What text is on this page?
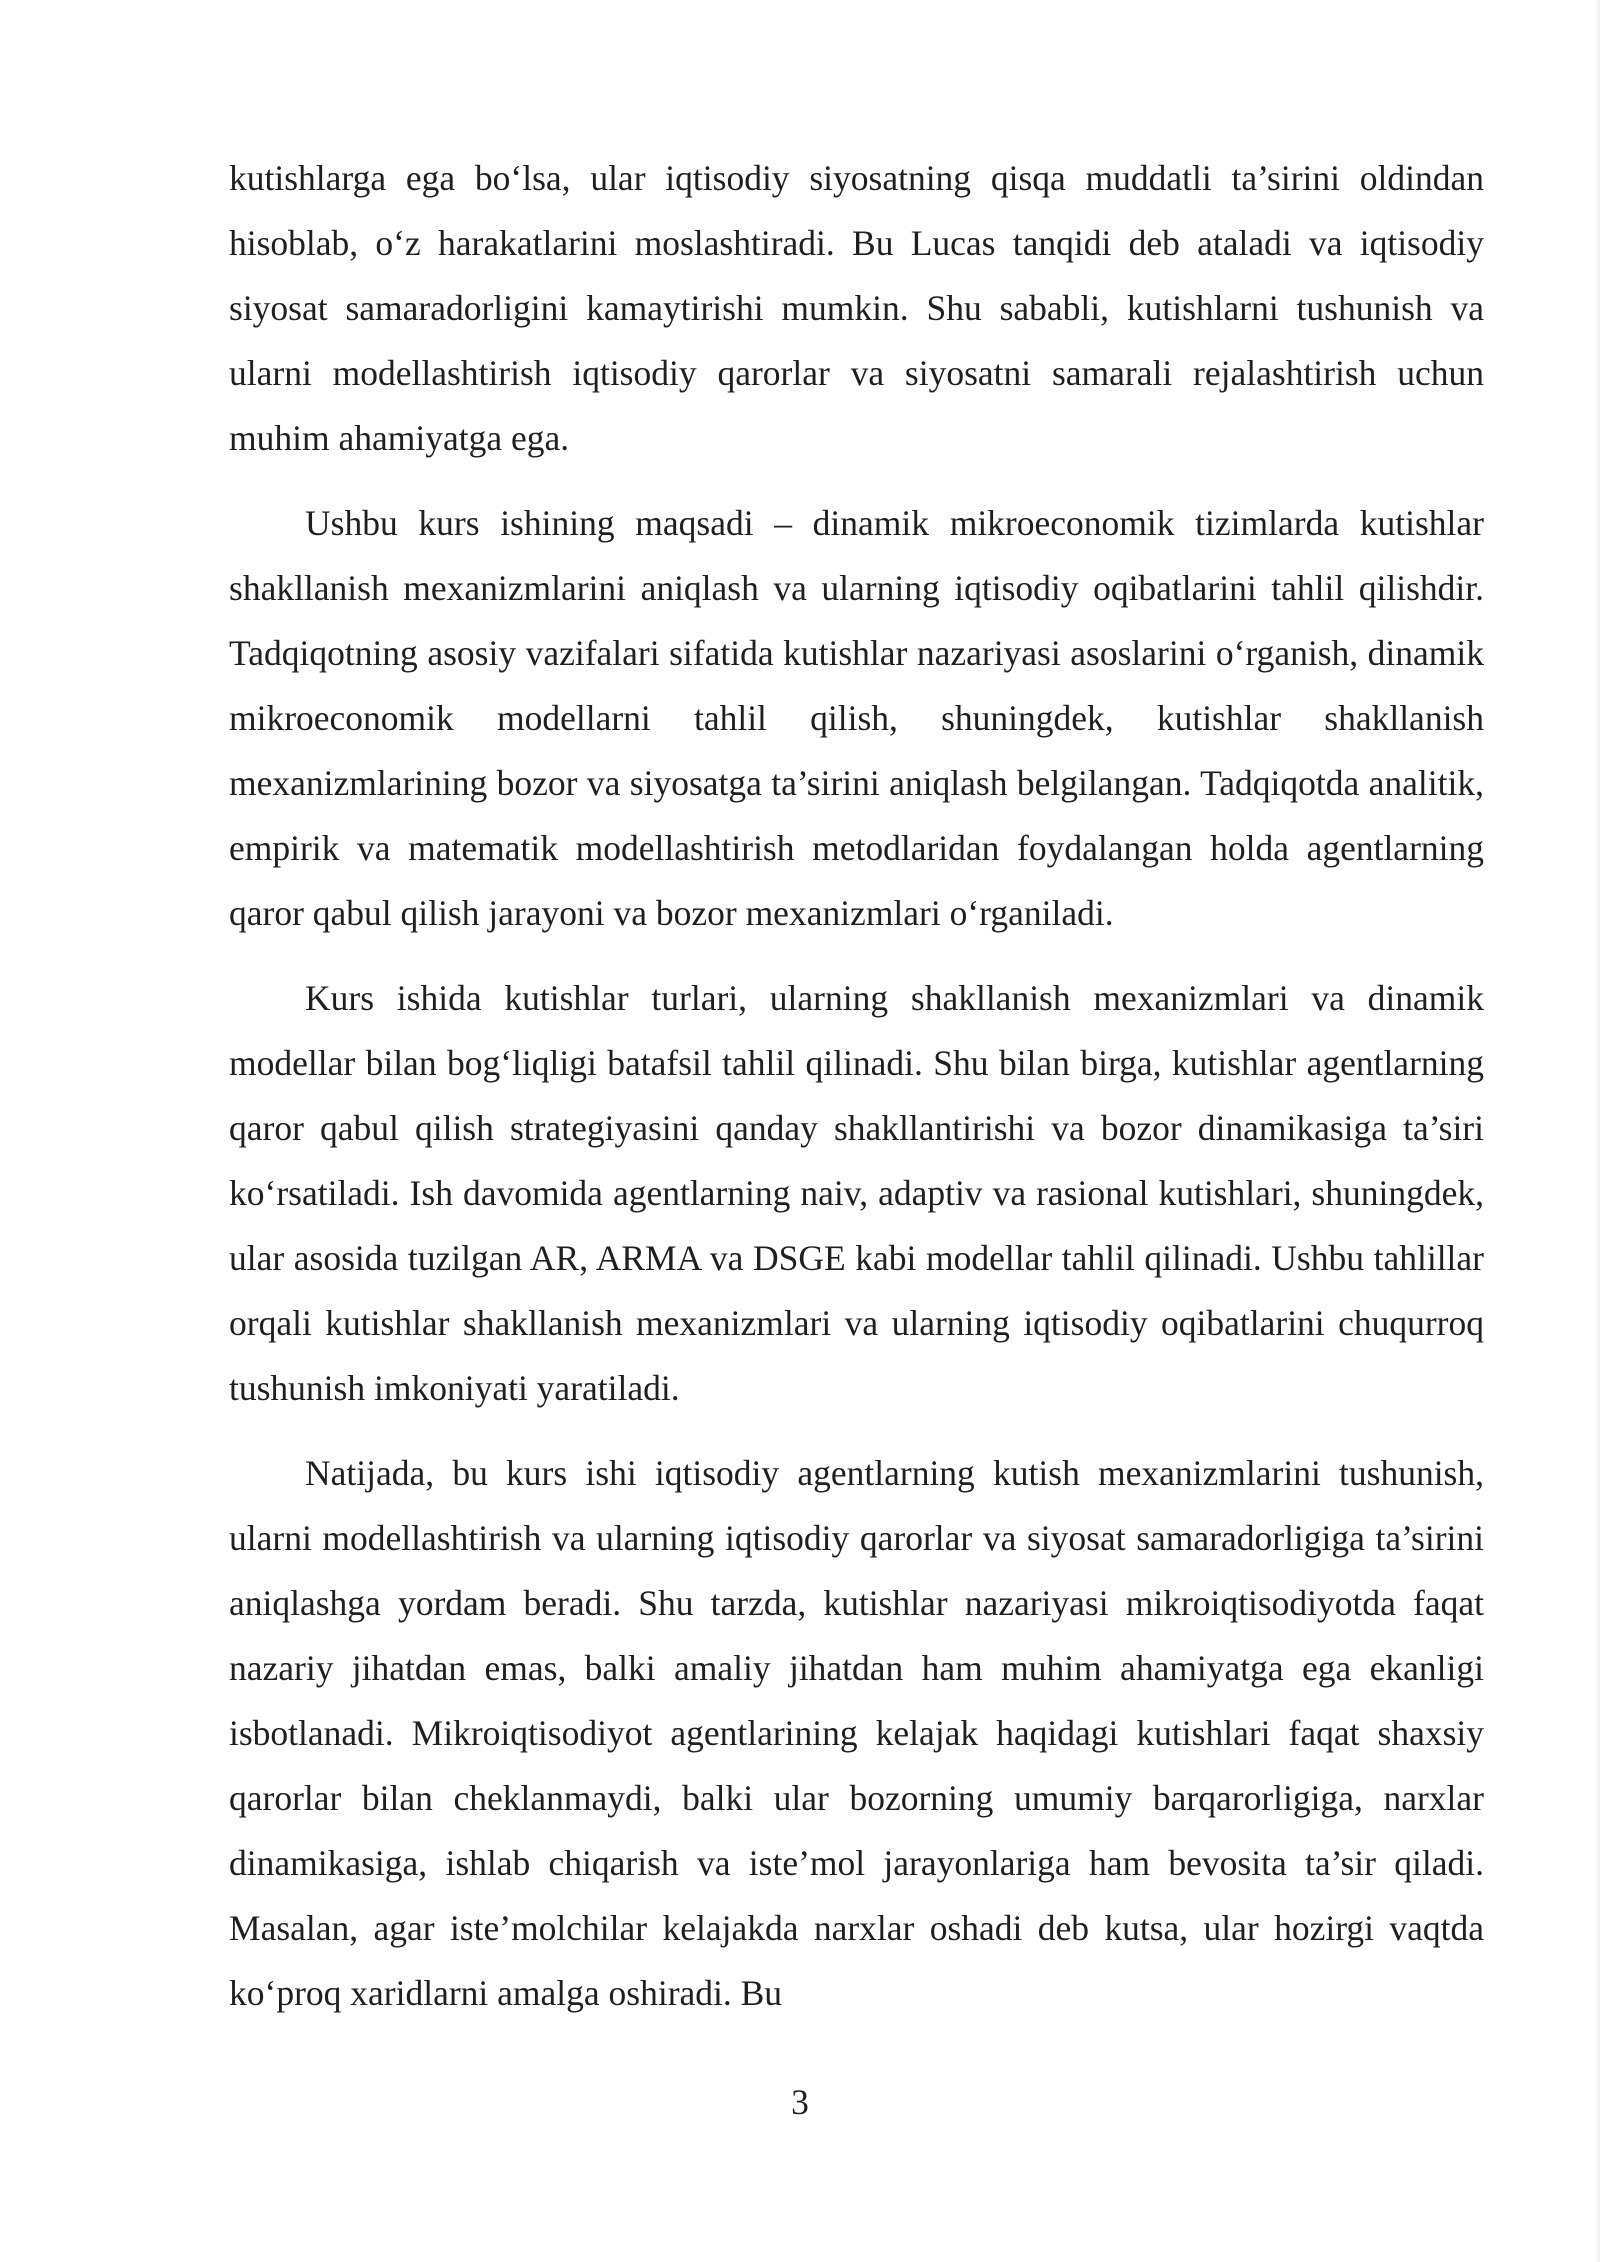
kutishlarga ega bo‘lsa, ular iqtisodiy siyosatning qisqa muddatli ta’sirini oldindan hisoblab, o‘z harakatlarini moslashtiradi. Bu Lucas tanqidi deb ataladi va iqtisodiy siyosat samaradorligini kamaytirishi mumkin. Shu sababli, kutishlarni tushunish va ularni modellashtirish iqtisodiy qarorlar va siyosatni samarali rejalashtirish uchun muhim ahamiyatga ega.

Ushbu kurs ishining maqsadi – dinamik mikroeconomik tizimlarda kutishlar shakllanish mexanizmlarini aniqlash va ularning iqtisodiy oqibatlarini tahlil qilishdir. Tadqiqotning asosiy vazifalari sifatida kutishlar nazariyasi asoslarini o‘rganish, dinamik mikroeconomik modellarni tahlil qilish, shuningdek, kutishlar shakllanish mexanizmlarining bozor va siyosatga ta’sirini aniqlash belgilangan. Tadqiqotda analitik, empirik va matematik modellashtirish metodlaridan foydalangan holda agentlarning qaror qabul qilish jarayoni va bozor mexanizmlari o‘rganiladi.

Kurs ishida kutishlar turlari, ularning shakllanish mexanizmlari va dinamik modellar bilan bog‘liqligi batafsil tahlil qilinadi. Shu bilan birga, kutishlar agentlarning qaror qabul qilish strategiyasini qanday shakllantirishi va bozor dinamikasiga ta’siri ko‘rsatiladi. Ish davomida agentlarning naiv, adaptiv va rasional kutishlari, shuningdek, ular asosida tuzilgan AR, ARMA va DSGE kabi modellar tahlil qilinadi. Ushbu tahlillar orqali kutishlar shakllanish mexanizmlari va ularning iqtisodiy oqibatlarini chuqurroq tushunish imkoniyati yaratiladi.

Natijada, bu kurs ishi iqtisodiy agentlarning kutish mexanizmlarini tushunish, ularni modellashtirish va ularning iqtisodiy qarorlar va siyosat samaradorligiga ta’sirini aniqlashga yordam beradi. Shu tarzda, kutishlar nazariyasi mikroiqtisodiyotda faqat nazariy jihatdan emas, balki amaliy jihatdan ham muhim ahamiyatga ega ekanligi isbotlanadi. Mikroiqtisodiyot agentlarining kelajak haqidagi kutishlari faqat shaxsiy qarorlar bilan cheklanmaydi, balki ular bozorning umumiy barqarorligiga, narxlar dinamikasiga, ishlab chiqarish va iste’mol jarayonlariga ham bevosita ta’sir qiladi. Masalan, agar iste’molchilar kelajakda narxlar oshadi deb kutsa, ular hozirgi vaqtda ko‘proq xaridlarni amalga oshiradi. Bu

3
